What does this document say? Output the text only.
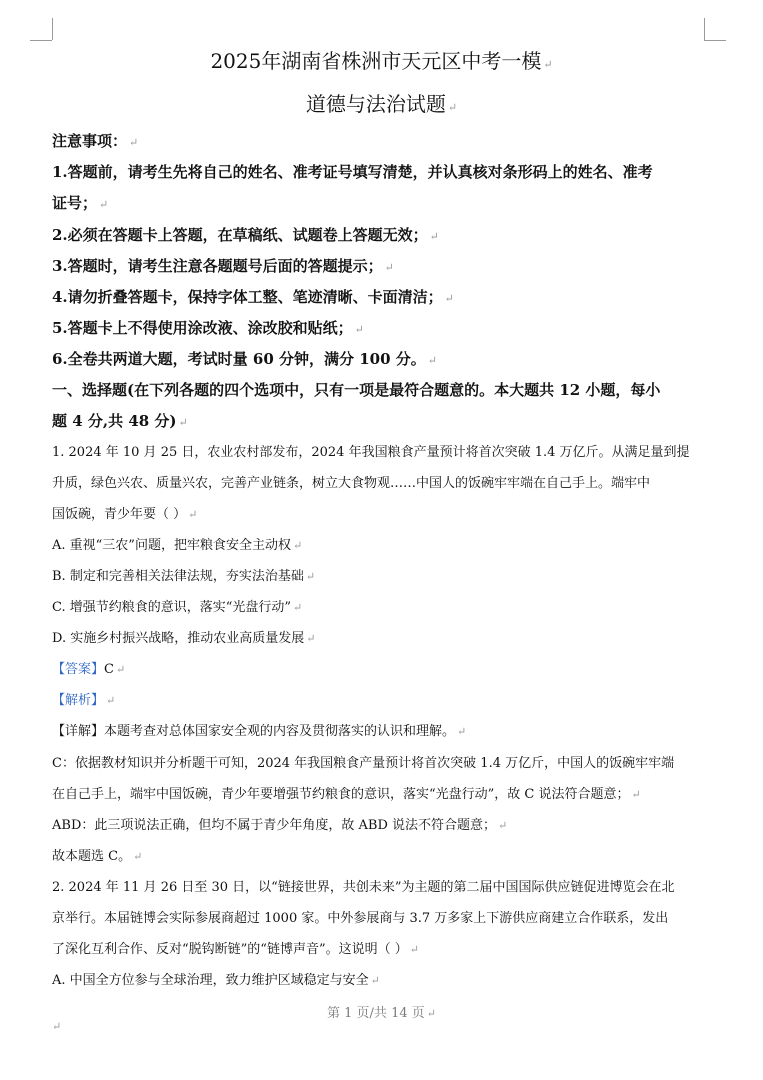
2025年湖南省株洲市天元区中考一模 ↵
道德与法治试题 ↵
注意事项： ↵
1.答题前，请考生先将自己的姓名、准考证号填写清楚，并认真核对条形码上的姓名、准考
证号； ↵
2.必须在答题卡上答题，在草稿纸、试题卷上答题无效； ↵
3.答题时，请考生注意各题题号后面的答题提示； ↵
4.请勿折叠答题卡，保持字体工整、笔迹清晰、卡面清洁； ↵
5.答题卡上不得使用涂改液、涂改胶和贴纸； ↵
6.全卷共两道大题，考试时量 60 分钟，满分 100 分。 ↵
一、选择题(在下列各题的四个选项中，只有一项是最符合题意的。本大题共 12 小题，每小
题 4 分,共 48 分) ↵
1. 2024 年 10 月 25 日，农业农村部发布，2024 年我国粮食产量预计将首次突破 1.4 万亿斤。从满足量到提
升质，绿色兴农、质量兴农，完善产业链条，树立大食物观……中国人的饭碗牢牢端在自己手上。端牢中
国饭碗，青少年要（ ） ↵
A. 重视“三农”问题，把牢粮食安全主动权 ↵
B. 制定和完善相关法律法规，夯实法治基础 ↵
C. 增强节约粮食的意识，落实“光盘行动” ↵
D. 实施乡村振兴战略，推动农业高质量发展 ↵
【答案】C ↵
【解析】 ↵
【详解】本题考查对总体国家安全观的内容及贯彻落实的认识和理解。 ↵
C：依据教材知识并分析题干可知，2024 年我国粮食产量预计将首次突破 1.4 万亿斤，中国人的饭碗牢牢端
在自己手上，端牢中国饭碗，青少年要增强节约粮食的意识，落实“光盘行动”，故 C 说法符合题意； ↵
ABD：此三项说法正确，但均不属于青少年角度，故 ABD 说法不符合题意； ↵
故本题选 C。 ↵
2. 2024 年 11 月 26 日至 30 日，以“链接世界，共创未来”为主题的第二届中国国际供应链促进博览会在北
京举行。本届链博会实际参展商超过 1000 家。中外参展商与 3.7 万多家上下游供应商建立合作联系，发出
了深化互利合作、反对“脱钩断链”的“链博声音”。这说明（ ） ↵
A. 中国全方位参与全球治理，致力维护区域稳定与安全 ↵
第 1 页/共 14 页 ↵
↵
